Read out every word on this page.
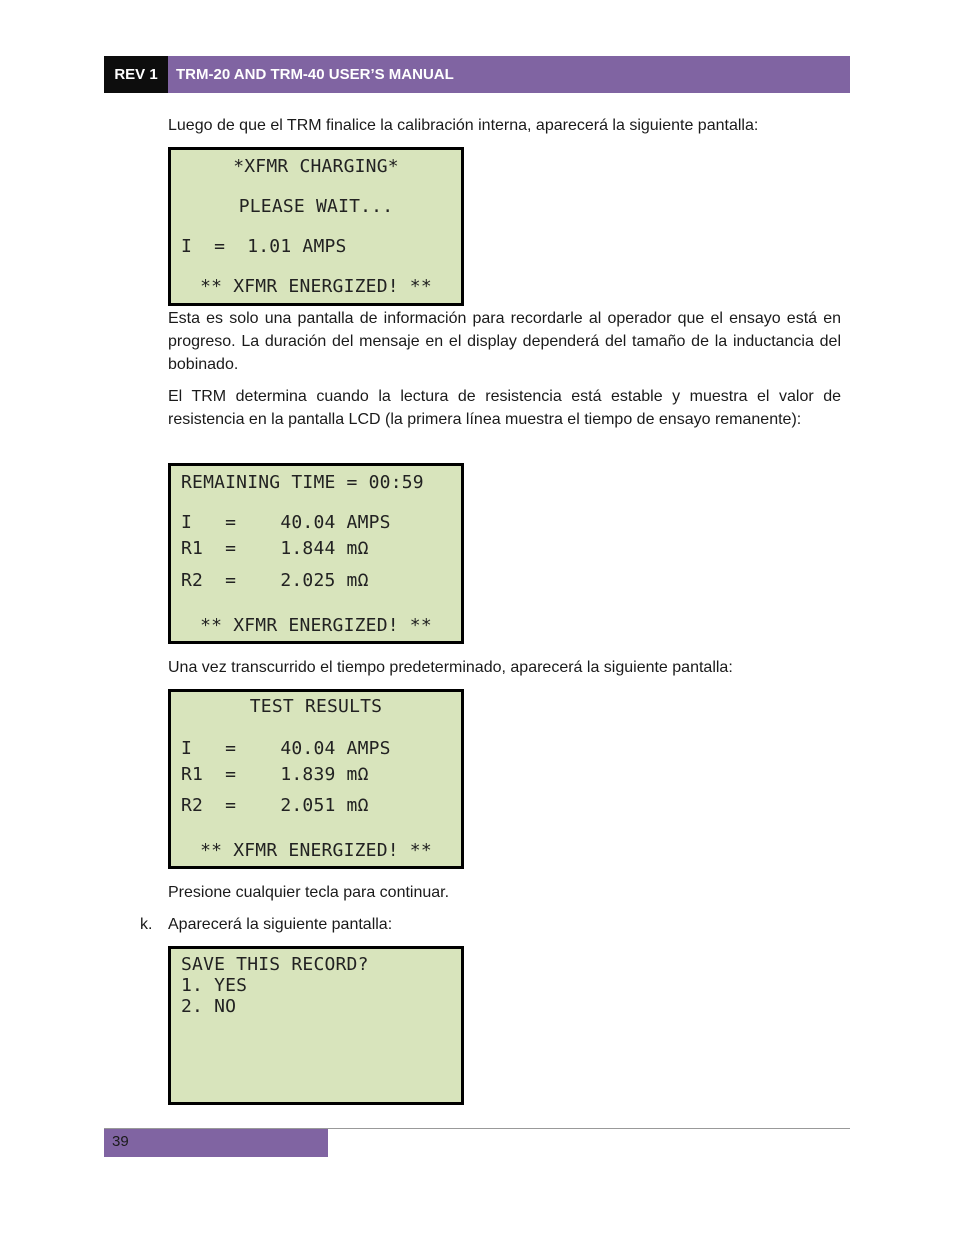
REV 1	TRM-20 AND TRM-40 USER’S MANUAL

Luego de que el TRM finalice la calibración interna, aparecerá la siguiente pantalla:

*XFMR CHARGING*
PLEASE WAIT...
I  =  1.01 AMPS
** XFMR ENERGIZED! **

Esta es solo una pantalla de información para recordarle al operador que el ensayo está en progreso. La duración del mensaje en el display dependerá del tamaño de la inductancia del bobinado.

El TRM determina cuando la lectura de resistencia está estable y muestra el valor de resistencia en la pantalla LCD (la primera línea muestra el tiempo de ensayo remanente):

REMAINING TIME = 00:59
I   =    40.04 AMPS
R1  =    1.844 mΩ
R2  =    2.025 mΩ
** XFMR ENERGIZED! **

Una vez transcurrido el tiempo predeterminado, aparecerá la siguiente pantalla:

TEST RESULTS
I   =    40.04 AMPS
R1  =    1.839 mΩ
R2  =    2.051 mΩ
** XFMR ENERGIZED! **

Presione cualquier tecla para continuar.

k. Aparecerá la siguiente pantalla:

SAVE THIS RECORD?
1. YES
2. NO
39
